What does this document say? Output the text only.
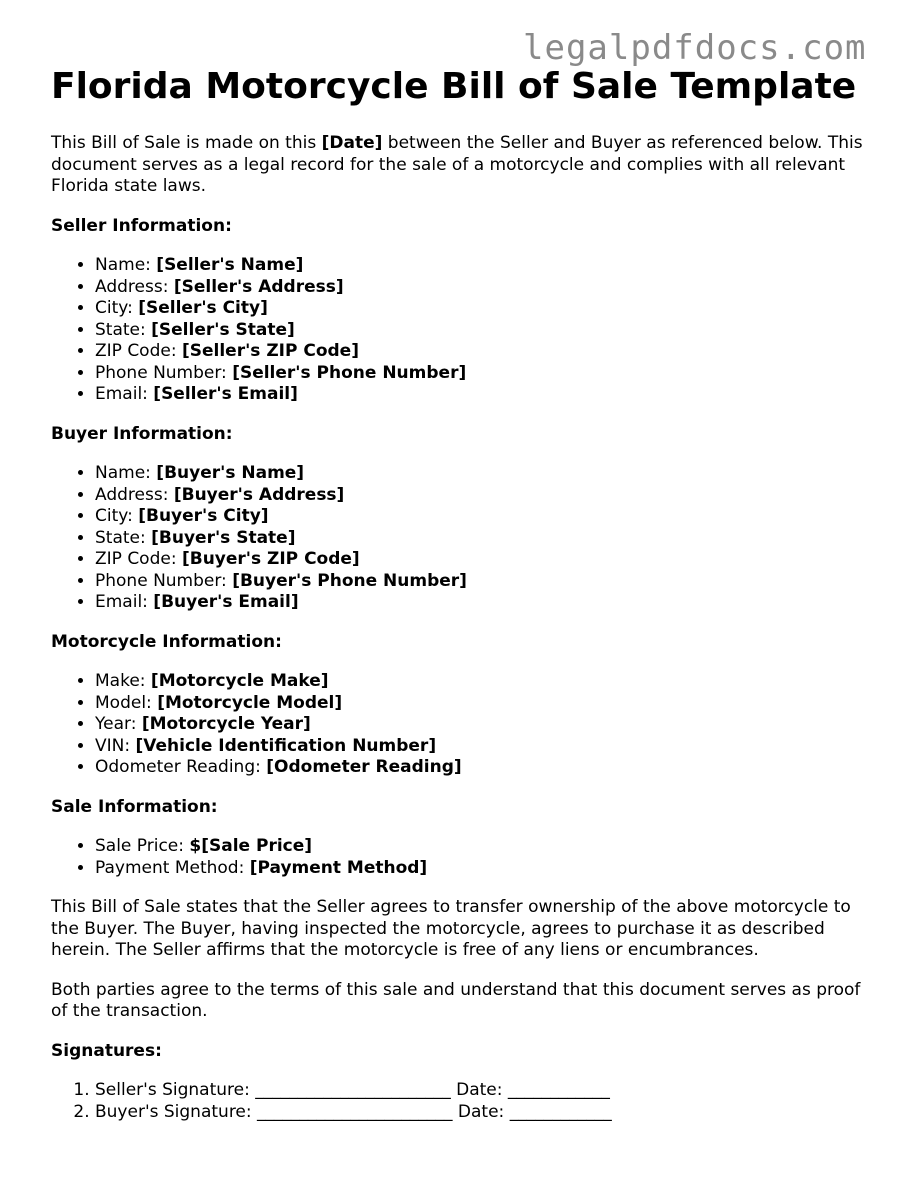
legalpdfdocs.com
Florida Motorcycle Bill of Sale Template

This Bill of Sale is made on this [Date] between the Seller and Buyer as referenced below. This document serves as a legal record for the sale of a motorcycle and complies with all relevant Florida state laws.

Seller Information:

• Name: [Seller's Name]
• Address: [Seller's Address]
• City: [Seller's City]
• State: [Seller's State]
• ZIP Code: [Seller's ZIP Code]
• Phone Number: [Seller's Phone Number]
• Email: [Seller's Email]

Buyer Information:

• Name: [Buyer's Name]
• Address: [Buyer's Address]
• City: [Buyer's City]
• State: [Buyer's State]
• ZIP Code: [Buyer's ZIP Code]
• Phone Number: [Buyer's Phone Number]
• Email: [Buyer's Email]

Motorcycle Information:

• Make: [Motorcycle Make]
• Model: [Motorcycle Model]
• Year: [Motorcycle Year]
• VIN: [Vehicle Identification Number]
• Odometer Reading: [Odometer Reading]

Sale Information:

• Sale Price: $[Sale Price]
• Payment Method: [Payment Method]

This Bill of Sale states that the Seller agrees to transfer ownership of the above motorcycle to the Buyer. The Buyer, having inspected the motorcycle, agrees to purchase it as described herein. The Seller affirms that the motorcycle is free of any liens or encumbrances.

Both parties agree to the terms of this sale and understand that this document serves as proof of the transaction.

Signatures:

1. Seller's Signature: _______________________ Date: ____________
2. Buyer's Signature: _______________________ Date: ____________
